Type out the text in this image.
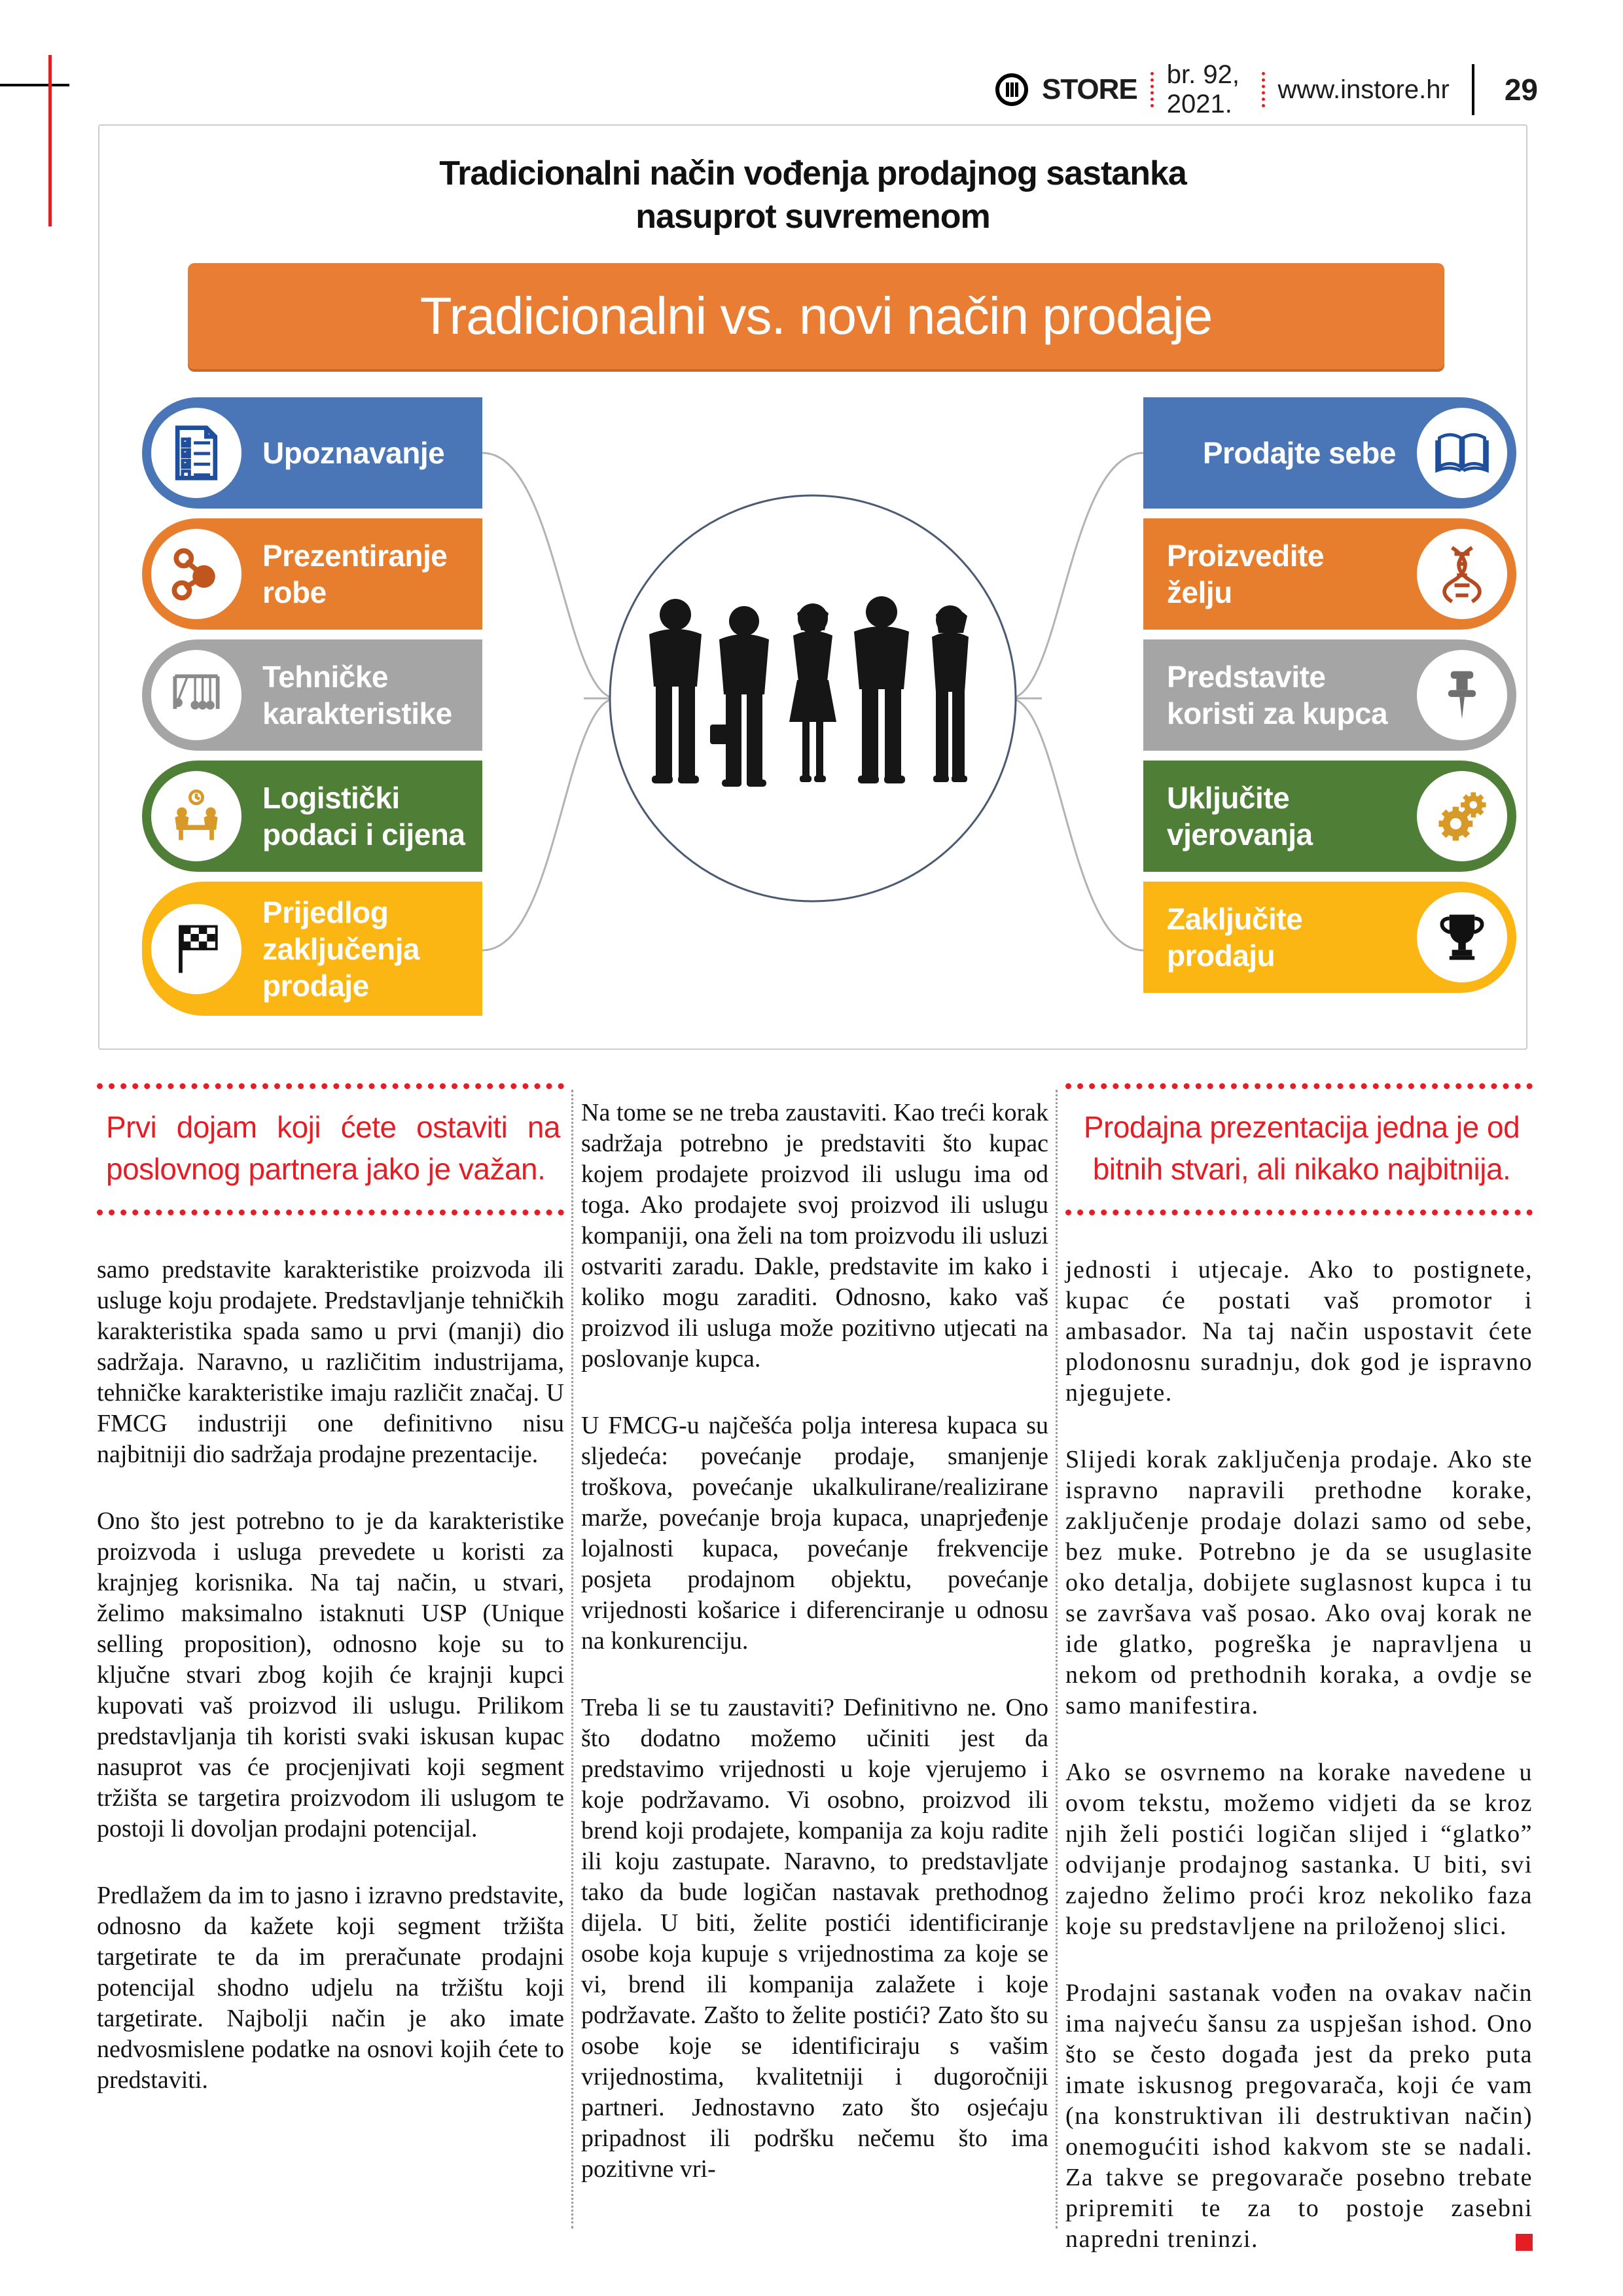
STORE br. 92, 2021.
www.instore.hr 29
Tradicionalni način vođenja prodajnog sastanka
nasuprot suvremenom
Tradicionalni vs. novi način prodaje
Upoznavanje
Prezentiranje robe
Tehničke karakteristike
Logistički podaci i cijena
Prijedlog zaključenja prodaje
Prodajte sebe
Proizvedite želju
Predstavite koristi za kupca
Uključite vjerovanja
Zaključite prodaju

Prvi dojam koji ćete ostaviti na poslovnog partnera jako je važan.

samo predstavite karakteristike proizvoda ili usluge koju prodajete. Predstavljanje tehničkih karakteristika spada samo u prvi (manji) dio sadržaja. Naravno, u različitim industrijama, tehničke karakteristike imaju različit značaj. U FMCG industriji one definitivno nisu najbitniji dio sadržaja prodajne prezentacije.

Ono što jest potrebno to je da karakteristike proizvoda i usluga prevedete u koristi za krajnjeg korisnika. Na taj način, u stvari, želimo maksimalno istaknuti USP (Unique selling proposition), odnosno koje su to ključne stvari zbog kojih će krajnji kupci kupovati vaš proizvod ili uslugu. Prilikom predstavljanja tih koristi svaki iskusan kupac nasuprot vas će procjenjivati koji segment tržišta se targetira proizvodom ili uslugom te postoji li dovoljan prodajni potencijal.

Predlažem da im to jasno i izravno predstavite, odnosno da kažete koji segment tržišta targetirate te da im preračunate prodajni potencijal shodno udjelu na tržištu koji targetirate. Najbolji način je ako imate nedvosmislene podatke na osnovi kojih ćete to predstaviti.

Na tome se ne treba zaustaviti. Kao treći korak sadržaja potrebno je predstaviti što kupac kojem prodajete proizvod ili uslugu ima od toga. Ako prodajete svoj proizvod ili uslugu kompaniji, ona želi na tom proizvodu ili usluzi ostvariti zaradu. Dakle, predstavite im kako i koliko mogu zaraditi. Odnosno, kako vaš proizvod ili usluga može pozitivno utjecati na poslovanje kupca.

U FMCG-u najčešća polja interesa kupaca su sljedeća: povećanje prodaje, smanjenje troškova, povećanje ukalkulirane/realizirane marže, povećanje broja kupaca, unaprjeđenje lojalnosti kupaca, povećanje frekvencije posjeta prodajnom objektu, povećanje vrijednosti košarice i diferenciranje u odnosu na konkurenciju.

Treba li se tu zaustaviti? Definitivno ne. Ono što dodatno možemo učiniti jest da predstavimo vrijednosti u koje vjerujemo i koje podržavamo. Vi osobno, proizvod ili brend koji prodajete, kompanija za koju radite ili koju zastupate. Naravno, to predstavljate tako da bude logičan nastavak prethodnog dijela. U biti, želite postići identificiranje osobe koja kupuje s vrijednostima za koje se vi, brend ili kompanija zalažete i koje podržavate. Zašto to želite postići? Zato što su osobe koje se identificiraju s vašim vrijednostima, kvalitetniji i dugoročniji partneri. Jednostavno zato što osjećaju pripadnost ili podršku nečemu što ima pozitivne vri-

Prodajna prezentacija jedna je od bitnih stvari, ali nikako najbitnija.

jednosti i utjecaje. Ako to postignete, kupac će postati vaš promotor i ambasador. Na taj način uspostavit ćete plodonosnu suradnju, dok god je ispravno njegujete.

Slijedi korak zaključenja prodaje. Ako ste ispravno napravili prethodne korake, zaključenje prodaje dolazi samo od sebe, bez muke. Potrebno je da se usuglasite oko detalja, dobijete suglasnost kupca i tu se završava vaš posao. Ako ovaj korak ne ide glatko, pogreška je napravljena u nekom od prethodnih koraka, a ovdje se samo manifestira.

Ako se osvrnemo na korake navedene u ovom tekstu, možemo vidjeti da se kroz njih želi postići logičan slijed i “glatko” odvijanje prodajnog sastanka. U biti, svi zajedno želimo proći kroz nekoliko faza koje su predstavljene na priloženoj slici.

Prodajni sastanak vođen na ovakav način ima najveću šansu za uspješan ishod. Ono što se često događa jest da preko puta imate iskusnog pregovarača, koji će vam (na konstruktivan ili destruktivan način) onemogućiti ishod kakvom ste se nadali. Za takve se pregovarače posebno trebate pripremiti te za to postoje zasebni napredni treninzi.
